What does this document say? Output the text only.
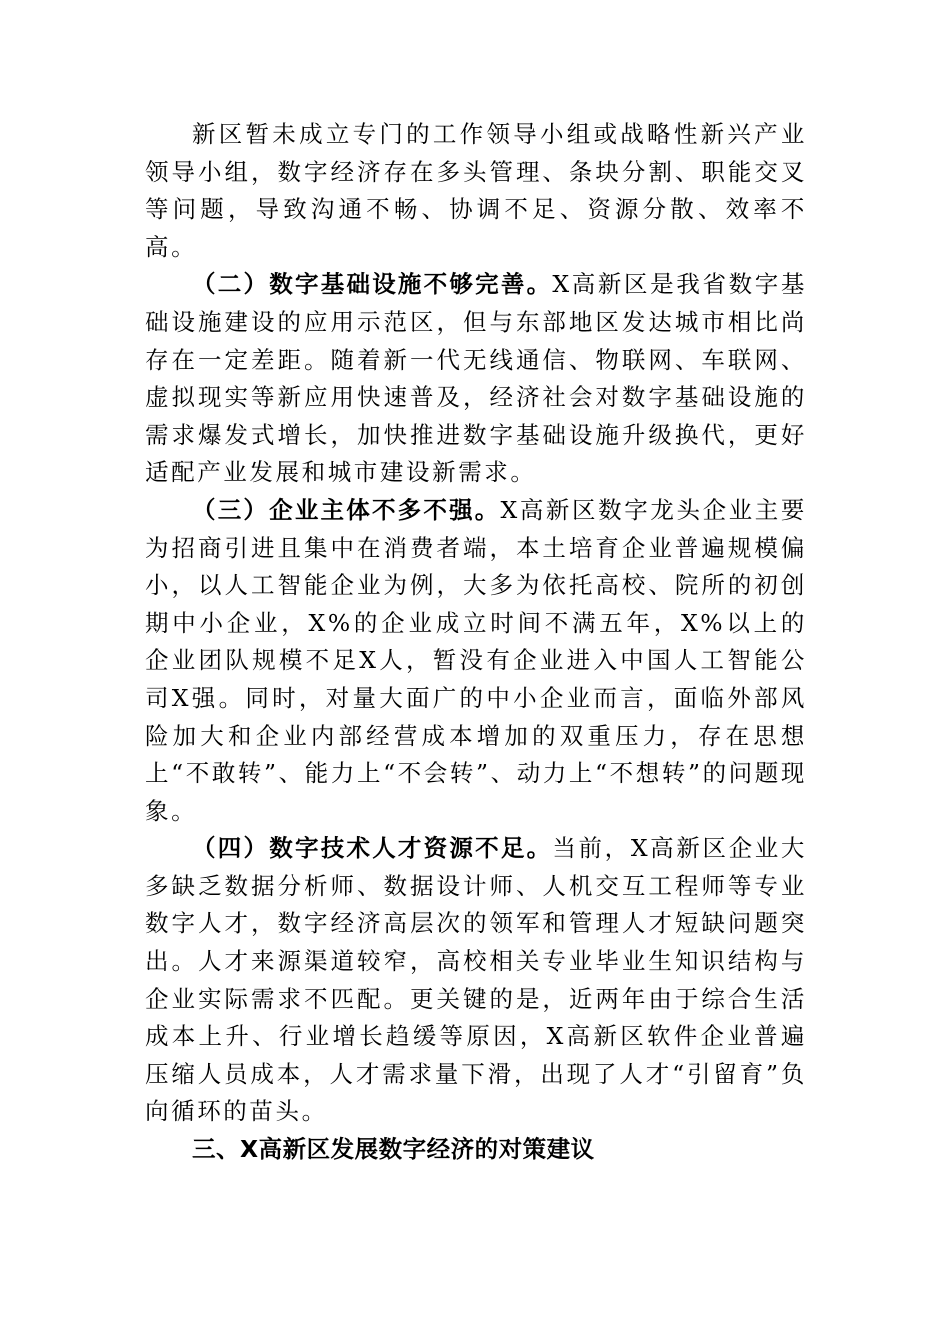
新区暂未成立专门的工作领导小组或战略性新兴产业领导小组，数字经济存在多头管理、条块分割、职能交叉等问题，导致沟通不畅、协调不足、资源分散、效率不高。

（二）数字基础设施不够完善。X高新区是我省数字基础设施建设的应用示范区，但与东部地区发达城市相比尚存在一定差距。随着新一代无线通信、物联网、车联网、虚拟现实等新应用快速普及，经济社会对数字基础设施的需求爆发式增长，加快推进数字基础设施升级换代，更好适配产业发展和城市建设新需求。

（三）企业主体不多不强。X高新区数字龙头企业主要为招商引进且集中在消费者端，本土培育企业普遍规模偏小，以人工智能企业为例，大多为依托高校、院所的初创期中小企业，X%的企业成立时间不满五年，X%以上的企业团队规模不足X人，暂没有企业进入中国人工智能公司X强。同时，对量大面广的中小企业而言，面临外部风险加大和企业内部经营成本增加的双重压力，存在思想上“不敢转”、能力上“不会转”、动力上“不想转”的问题现象。

（四）数字技术人才资源不足。当前，X高新区企业大多缺乏数据分析师、数据设计师、人机交互工程师等专业数字人才，数字经济高层次的领军和管理人才短缺问题突出。人才来源渠道较窄，高校相关专业毕业生知识结构与企业实际需求不匹配。更关键的是，近两年由于综合生活成本上升、行业增长趋缓等原因，X高新区软件企业普遍压缩人员成本，人才需求量下滑，出现了人才“引留育”负向循环的苗头。

三、X高新区发展数字经济的对策建议
